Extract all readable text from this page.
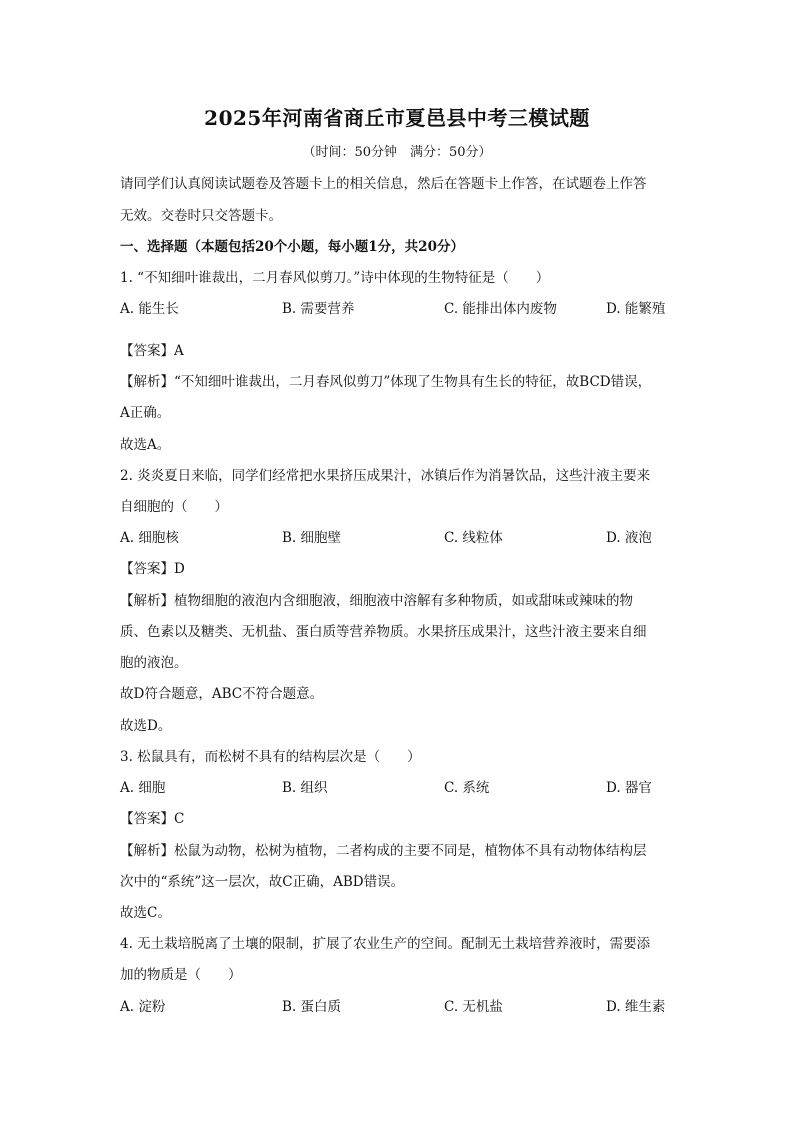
2025年河南省商丘市夏邑县中考三模试题
（时间：50分钟　满分：50分）
请同学们认真阅读试题卷及答题卡上的相关信息，然后在答题卡上作答，在试题卷上作答
无效。交卷时只交答题卡。
一、选择题（本题包括20个小题，每小题1分，共20分）
1. “不知细叶谁裁出，二月春风似剪刀。”诗中体现的生物特征是（　　）
A. 能生长	B. 需要营养	C. 能排出体内废物	D. 能繁殖
【答案】A
【解析】“不知细叶谁裁出，二月春风似剪刀”体现了生物具有生长的特征，故BCD错误，
A正确。
故选A。
2. 炎炎夏日来临，同学们经常把水果挤压成果汁，冰镇后作为消暑饮品，这些汁液主要来
自细胞的（　　）
A. 细胞核	B. 细胞壁	C. 线粒体	D. 液泡
【答案】D
【解析】植物细胞的液泡内含细胞液，细胞液中溶解有多种物质，如或甜味或辣味的物
质、色素以及糖类、无机盐、蛋白质等营养物质。水果挤压成果汁，这些汁液主要来自细
胞的液泡。
故D符合题意，ABC不符合题意。
故选D。
3. 松鼠具有，而松树不具有的结构层次是（　　）
A. 细胞	B. 组织	C. 系统	D. 器官
【答案】C
【解析】松鼠为动物，松树为植物，二者构成的主要不同是，植物体不具有动物体结构层
次中的“系统”这一层次，故C正确，ABD错误。
故选C。
4. 无土栽培脱离了土壤的限制，扩展了农业生产的空间。配制无土栽培营养液时，需要添
加的物质是（　　）
A. 淀粉	B. 蛋白质	C. 无机盐	D. 维生素
